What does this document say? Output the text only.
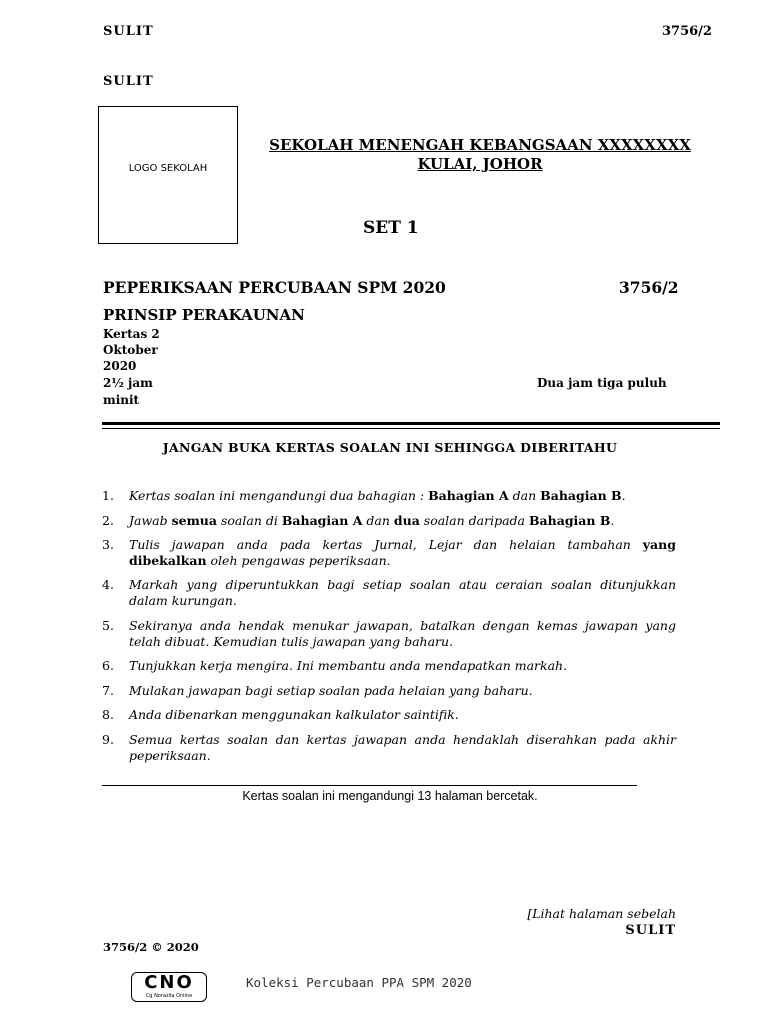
SULIT	3756/2
SULIT
LOGO SEKOLAH
SEKOLAH MENENGAH KEBANGSAAN XXXXXXXX
KULAI, JOHOR
SET 1
PEPERIKSAAN PERCUBAAN SPM 2020	3756/2
PRINSIP PERAKAUNAN
Kertas 2
Oktober
2020
2½ jam
minit
Dua jam tiga puluh
JANGAN BUKA KERTAS SOALAN INI SEHINGGA DIBERITAHU
1. Kertas soalan ini mengandungi dua bahagian : Bahagian A dan Bahagian B.
2. Jawab semua soalan di Bahagian A dan dua soalan daripada Bahagian B.
3. Tulis jawapan anda pada kertas Jurnal, Lejar dan helaian tambahan yang dibekalkan oleh pengawas peperiksaan.
4. Markah yang diperuntukkan bagi setiap soalan atau ceraian soalan ditunjukkan dalam kurungan.
5. Sekiranya anda hendak menukar jawapan, batalkan dengan kemas jawapan yang telah dibuat. Kemudian tulis jawapan yang baharu.
6. Tunjukkan kerja mengira. Ini membantu anda mendapatkan markah.
7. Mulakan jawapan bagi setiap soalan pada helaian yang baharu.
8. Anda dibenarkan menggunakan kalkulator saintifik.
9. Semua kertas soalan dan kertas jawapan anda hendaklah diserahkan pada akhir peperiksaan.
Kertas soalan ini mengandungi 13 halaman bercetak.
[Lihat halaman sebelah
SULIT
3756/2 © 2020
CNO
Cg Norazila Online
Koleksi Percubaan PPA SPM 2020
